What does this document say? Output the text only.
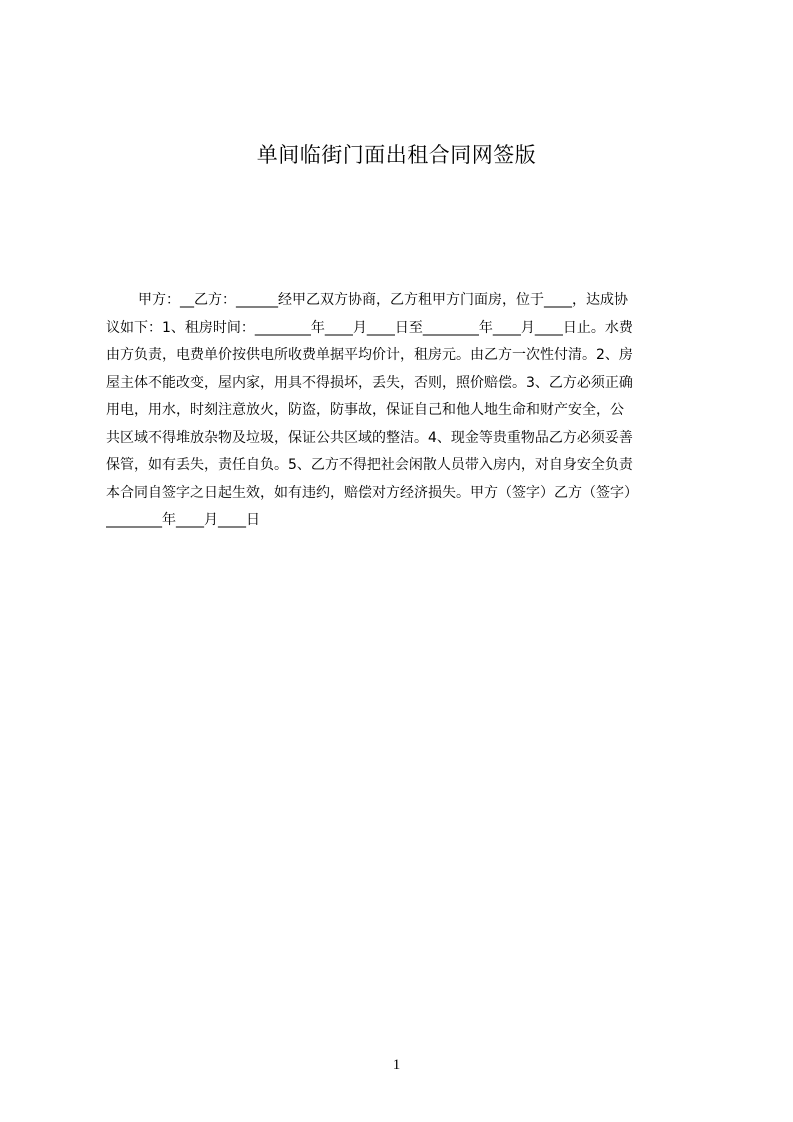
单间临街门面出租合同网签版
甲方：__乙方：______经甲乙双方协商，乙方租甲方门面房，位于____，达成协
议如下：1、租房时间：________年____月____日至________年____月____日止。水费
由方负责，电费单价按供电所收费单据平均价计，租房元。由乙方一次性付清。2、房
屋主体不能改变，屋内家，用具不得损坏，丢失，否则，照价赔偿。3、乙方必须正确
用电，用水，时刻注意放火，防盗，防事故，保证自己和他人地生命和财产安全，公
共区域不得堆放杂物及垃圾，保证公共区域的整洁。4、现金等贵重物品乙方必须妥善
保管，如有丢失，责任自负。5、乙方不得把社会闲散人员带入房内，对自身安全负责
本合同自签字之日起生效，如有违约，赔偿对方经济损失。甲方（签字）乙方（签字）
________年____月____日
1
